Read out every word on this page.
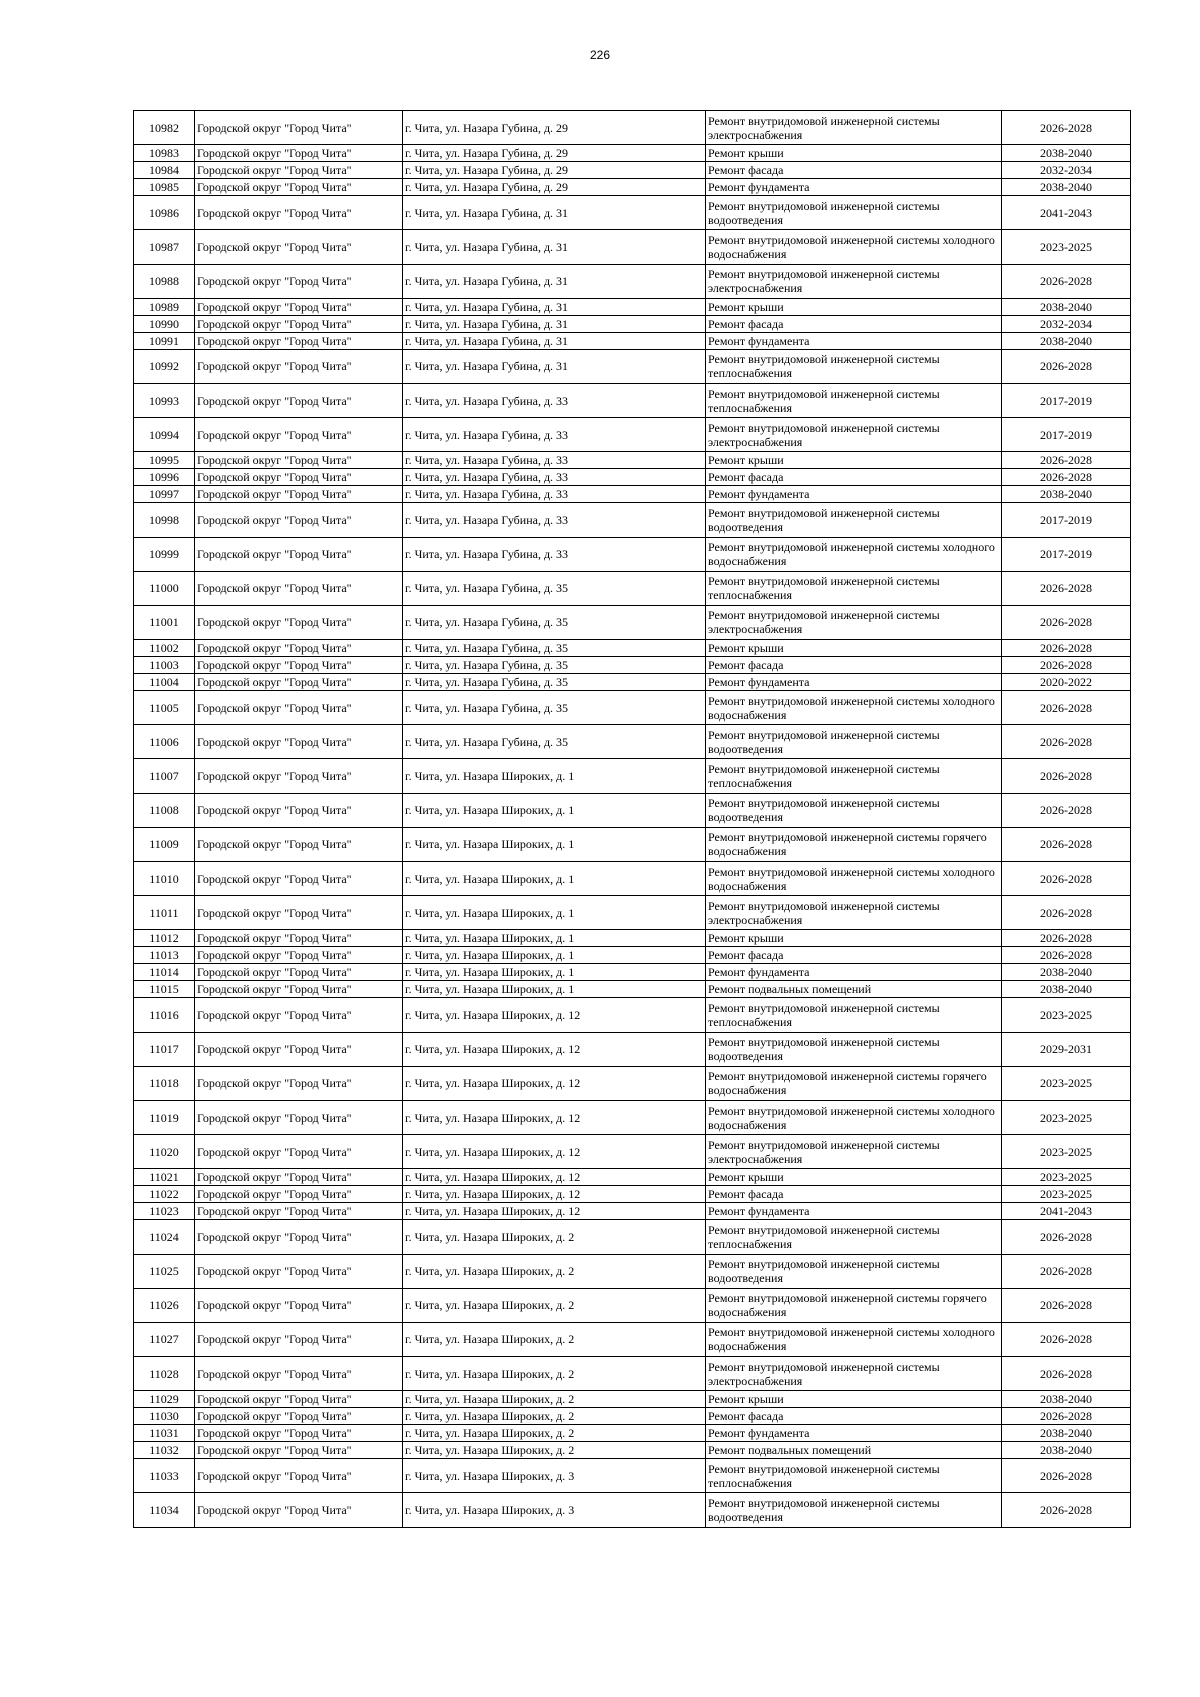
226
10982	Городской округ "Город Чита"	г. Чита, ул. Назара Губина, д. 29	Ремонт внутридомовой инженерной системы электроснабжения	2026-2028
10983	Городской округ "Город Чита"	г. Чита, ул. Назара Губина, д. 29	Ремонт крыши	2038-2040
10984	Городской округ "Город Чита"	г. Чита, ул. Назара Губина, д. 29	Ремонт фасада	2032-2034
10985	Городской округ "Город Чита"	г. Чита, ул. Назара Губина, д. 29	Ремонт фундамента	2038-2040
10986	Городской округ "Город Чита"	г. Чита, ул. Назара Губина, д. 31	Ремонт внутридомовой инженерной системы водоотведения	2041-2043
10987	Городской округ "Город Чита"	г. Чита, ул. Назара Губина, д. 31	Ремонт внутридомовой инженерной системы холодного водоснабжения	2023-2025
10988	Городской округ "Город Чита"	г. Чита, ул. Назара Губина, д. 31	Ремонт внутридомовой инженерной системы электроснабжения	2026-2028
10989	Городской округ "Город Чита"	г. Чита, ул. Назара Губина, д. 31	Ремонт крыши	2038-2040
10990	Городской округ "Город Чита"	г. Чита, ул. Назара Губина, д. 31	Ремонт фасада	2032-2034
10991	Городской округ "Город Чита"	г. Чита, ул. Назара Губина, д. 31	Ремонт фундамента	2038-2040
10992	Городской округ "Город Чита"	г. Чита, ул. Назара Губина, д. 31	Ремонт внутридомовой инженерной системы теплоснабжения	2026-2028
10993	Городской округ "Город Чита"	г. Чита, ул. Назара Губина, д. 33	Ремонт внутридомовой инженерной системы теплоснабжения	2017-2019
10994	Городской округ "Город Чита"	г. Чита, ул. Назара Губина, д. 33	Ремонт внутридомовой инженерной системы электроснабжения	2017-2019
10995	Городской округ "Город Чита"	г. Чита, ул. Назара Губина, д. 33	Ремонт крыши	2026-2028
10996	Городской округ "Город Чита"	г. Чита, ул. Назара Губина, д. 33	Ремонт фасада	2026-2028
10997	Городской округ "Город Чита"	г. Чита, ул. Назара Губина, д. 33	Ремонт фундамента	2038-2040
10998	Городской округ "Город Чита"	г. Чита, ул. Назара Губина, д. 33	Ремонт внутридомовой инженерной системы водоотведения	2017-2019
10999	Городской округ "Город Чита"	г. Чита, ул. Назара Губина, д. 33	Ремонт внутридомовой инженерной системы холодного водоснабжения	2017-2019
11000	Городской округ "Город Чита"	г. Чита, ул. Назара Губина, д. 35	Ремонт внутридомовой инженерной системы теплоснабжения	2026-2028
11001	Городской округ "Город Чита"	г. Чита, ул. Назара Губина, д. 35	Ремонт внутридомовой инженерной системы электроснабжения	2026-2028
11002	Городской округ "Город Чита"	г. Чита, ул. Назара Губина, д. 35	Ремонт крыши	2026-2028
11003	Городской округ "Город Чита"	г. Чита, ул. Назара Губина, д. 35	Ремонт фасада	2026-2028
11004	Городской округ "Город Чита"	г. Чита, ул. Назара Губина, д. 35	Ремонт фундамента	2020-2022
11005	Городской округ "Город Чита"	г. Чита, ул. Назара Губина, д. 35	Ремонт внутридомовой инженерной системы холодного водоснабжения	2026-2028
11006	Городской округ "Город Чита"	г. Чита, ул. Назара Губина, д. 35	Ремонт внутридомовой инженерной системы водоотведения	2026-2028
11007	Городской округ "Город Чита"	г. Чита, ул. Назара Широких, д. 1	Ремонт внутридомовой инженерной системы теплоснабжения	2026-2028
11008	Городской округ "Город Чита"	г. Чита, ул. Назара Широких, д. 1	Ремонт внутридомовой инженерной системы водоотведения	2026-2028
11009	Городской округ "Город Чита"	г. Чита, ул. Назара Широких, д. 1	Ремонт внутридомовой инженерной системы горячего водоснабжения	2026-2028
11010	Городской округ "Город Чита"	г. Чита, ул. Назара Широких, д. 1	Ремонт внутридомовой инженерной системы холодного водоснабжения	2026-2028
11011	Городской округ "Город Чита"	г. Чита, ул. Назара Широких, д. 1	Ремонт внутридомовой инженерной системы электроснабжения	2026-2028
11012	Городской округ "Город Чита"	г. Чита, ул. Назара Широких, д. 1	Ремонт крыши	2026-2028
11013	Городской округ "Город Чита"	г. Чита, ул. Назара Широких, д. 1	Ремонт фасада	2026-2028
11014	Городской округ "Город Чита"	г. Чита, ул. Назара Широких, д. 1	Ремонт фундамента	2038-2040
11015	Городской округ "Город Чита"	г. Чита, ул. Назара Широких, д. 1	Ремонт подвальных помещений	2038-2040
11016	Городской округ "Город Чита"	г. Чита, ул. Назара Широких, д. 12	Ремонт внутридомовой инженерной системы теплоснабжения	2023-2025
11017	Городской округ "Город Чита"	г. Чита, ул. Назара Широких, д. 12	Ремонт внутридомовой инженерной системы водоотведения	2029-2031
11018	Городской округ "Город Чита"	г. Чита, ул. Назара Широких, д. 12	Ремонт внутридомовой инженерной системы горячего водоснабжения	2023-2025
11019	Городской округ "Город Чита"	г. Чита, ул. Назара Широких, д. 12	Ремонт внутридомовой инженерной системы холодного водоснабжения	2023-2025
11020	Городской округ "Город Чита"	г. Чита, ул. Назара Широких, д. 12	Ремонт внутридомовой инженерной системы электроснабжения	2023-2025
11021	Городской округ "Город Чита"	г. Чита, ул. Назара Широких, д. 12	Ремонт крыши	2023-2025
11022	Городской округ "Город Чита"	г. Чита, ул. Назара Широких, д. 12	Ремонт фасада	2023-2025
11023	Городской округ "Город Чита"	г. Чита, ул. Назара Широких, д. 12	Ремонт фундамента	2041-2043
11024	Городской округ "Город Чита"	г. Чита, ул. Назара Широких, д. 2	Ремонт внутридомовой инженерной системы теплоснабжения	2026-2028
11025	Городской округ "Город Чита"	г. Чита, ул. Назара Широких, д. 2	Ремонт внутридомовой инженерной системы водоотведения	2026-2028
11026	Городской округ "Город Чита"	г. Чита, ул. Назара Широких, д. 2	Ремонт внутридомовой инженерной системы горячего водоснабжения	2026-2028
11027	Городской округ "Город Чита"	г. Чита, ул. Назара Широких, д. 2	Ремонт внутридомовой инженерной системы холодного водоснабжения	2026-2028
11028	Городской округ "Город Чита"	г. Чита, ул. Назара Широких, д. 2	Ремонт внутридомовой инженерной системы электроснабжения	2026-2028
11029	Городской округ "Город Чита"	г. Чита, ул. Назара Широких, д. 2	Ремонт крыши	2038-2040
11030	Городской округ "Город Чита"	г. Чита, ул. Назара Широких, д. 2	Ремонт фасада	2026-2028
11031	Городской округ "Город Чита"	г. Чита, ул. Назара Широких, д. 2	Ремонт фундамента	2038-2040
11032	Городской округ "Город Чита"	г. Чита, ул. Назара Широких, д. 2	Ремонт подвальных помещений	2038-2040
11033	Городской округ "Город Чита"	г. Чита, ул. Назара Широких, д. 3	Ремонт внутридомовой инженерной системы теплоснабжения	2026-2028
11034	Городской округ "Город Чита"	г. Чита, ул. Назара Широких, д. 3	Ремонт внутридомовой инженерной системы водоотведения	2026-2028
